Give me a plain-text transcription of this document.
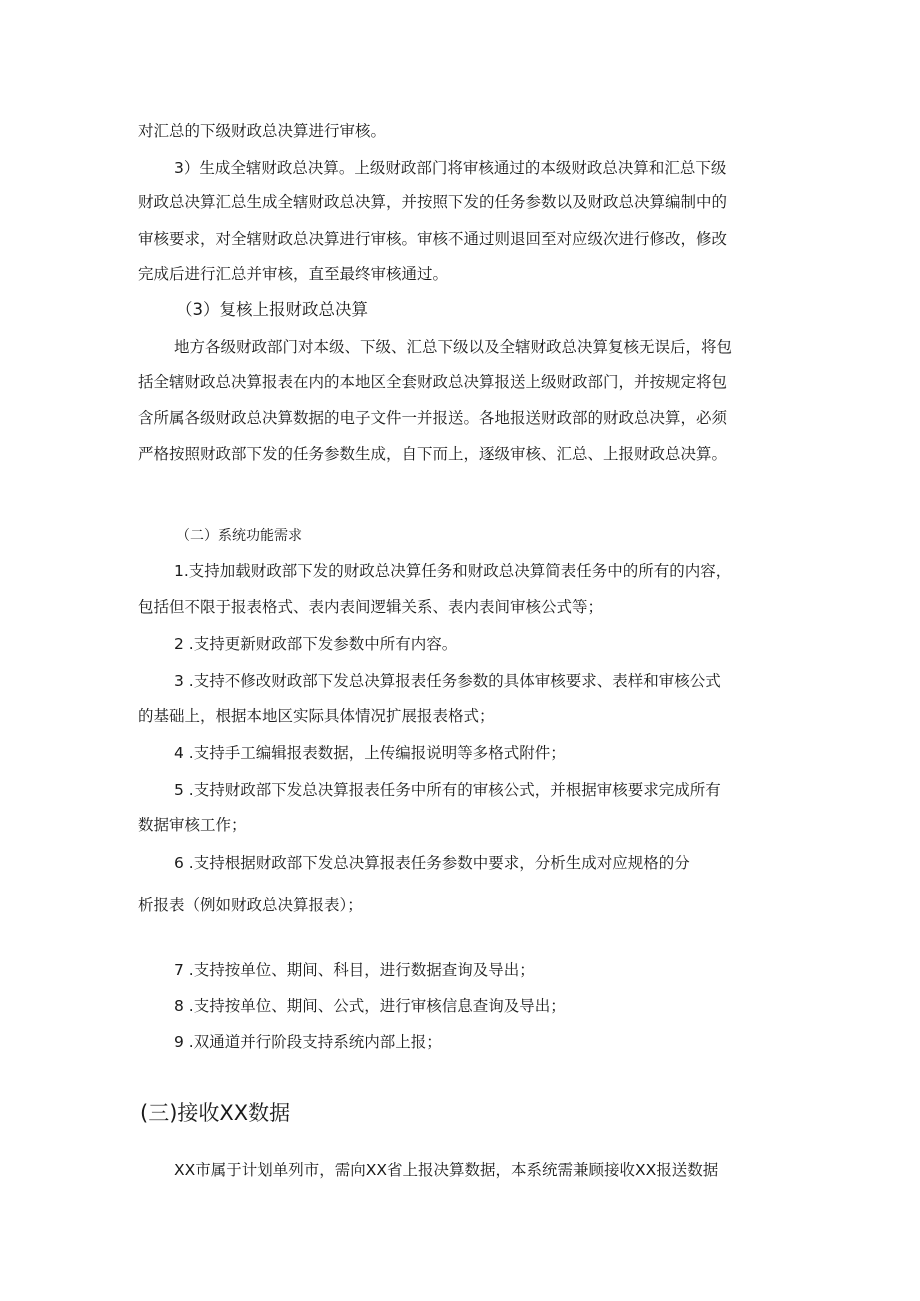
对汇总的下级财政总决算进行审核。
3）生成全辖财政总决算。上级财政部门将审核通过的本级财政总决算和汇总下级
财政总决算汇总生成全辖财政总决算，并按照下发的任务参数以及财政总决算编制中的
审核要求，对全辖财政总决算进行审核。审核不通过则退回至对应级次进行修改，修改
完成后进行汇总并审核，直至最终审核通过。
（3）复核上报财政总决算
地方各级财政部门对本级、下级、汇总下级以及全辖财政总决算复核无误后，将包
括全辖财政总决算报表在内的本地区全套财政总决算报送上级财政部门，并按规定将包
含所属各级财政总决算数据的电子文件一并报送。各地报送财政部的财政总决算，必须
严格按照财政部下发的任务参数生成，自下而上，逐级审核、汇总、上报财政总决算。
（二）系统功能需求
1.支持加载财政部下发的财政总决算任务和财政总决算简表任务中的所有的内容，
包括但不限于报表格式、表内表间逻辑关系、表内表间审核公式等；
2 .支持更新财政部下发参数中所有内容。
3 .支持不修改财政部下发总决算报表任务参数的具体审核要求、表样和审核公式
的基础上，根据本地区实际具体情况扩展报表格式；
4 .支持手工编辑报表数据，上传编报说明等多格式附件；
5 .支持财政部下发总决算报表任务中所有的审核公式，并根据审核要求完成所有
数据审核工作；
6 .支持根据财政部下发总决算报表任务参数中要求，分析生成对应规格的分
析报表（例如财政总决算报表）；
7 .支持按单位、期间、科目，进行数据查询及导出；
8 .支持按单位、期间、公式，进行审核信息查询及导出；
9 .双通道并行阶段支持系统内部上报；
(三)接收XX数据
XX市属于计划单列市，需向XX省上报决算数据，本系统需兼顾接收XX报送数据
